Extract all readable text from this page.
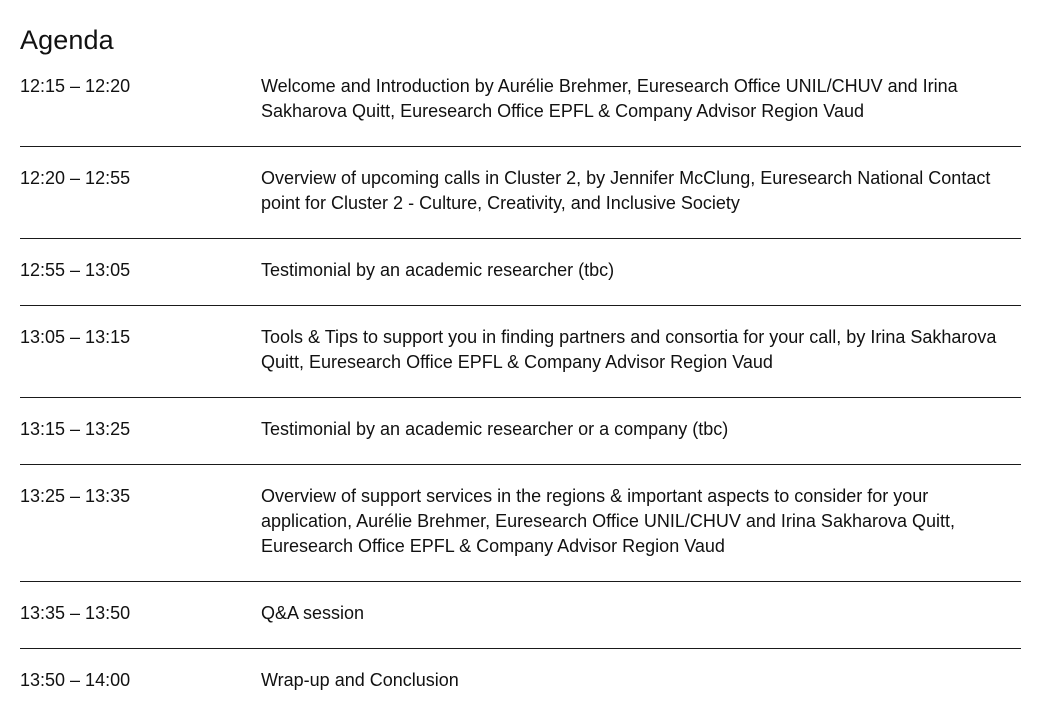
Agenda
12:15 – 12:20	Welcome and Introduction by Aurélie Brehmer, Euresearch Office UNIL/CHUV and Irina Sakharova Quitt, Euresearch Office EPFL & Company Advisor Region Vaud
12:20 – 12:55	Overview of upcoming calls in Cluster 2, by Jennifer McClung, Euresearch National Contact point for Cluster 2 - Culture, Creativity, and Inclusive Society
12:55 – 13:05	Testimonial by an academic researcher (tbc)
13:05 – 13:15	Tools & Tips to support you in finding partners and consortia for your call, by Irina Sakharova Quitt, Euresearch Office EPFL & Company Advisor Region Vaud
13:15 – 13:25	Testimonial by an academic researcher or a company (tbc)
13:25 – 13:35	Overview of support services in the regions & important aspects to consider for your application, Aurélie Brehmer, Euresearch Office UNIL/CHUV and Irina Sakharova Quitt, Euresearch Office EPFL & Company Advisor Region Vaud
13:35 – 13:50	Q&A session
13:50 – 14:00	Wrap-up and Conclusion
